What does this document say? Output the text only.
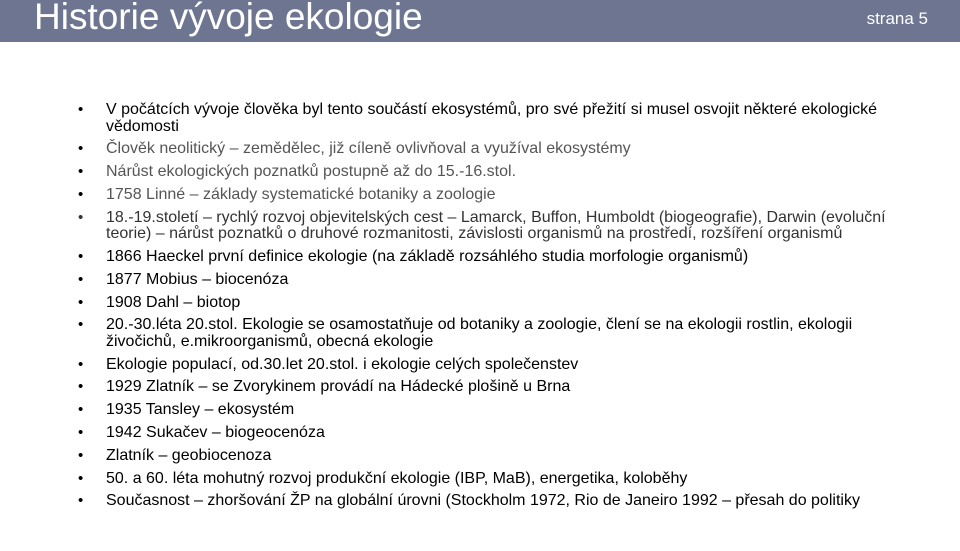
Historie vývoje ekologie	strana 5
• V počátcích vývoje člověka byl tento součástí ekosystémů, pro své přežití si musel osvojit některé ekologické vědomosti
• Člověk neolitický – zemědělec, již cíleně ovlivňoval a využíval ekosystémy
• Nárůst ekologických poznatků postupně až do 15.-16.stol.
• 1758 Linné – základy systematické botaniky a zoologie
• 18.-19.století – rychlý rozvoj objevitelských cest – Lamarck, Buffon, Humboldt (biogeografie), Darwin (evoluční teorie) – nárůst poznatků o druhové rozmanitosti, závislosti organismů na prostředí, rozšíření organismů
• 1866 Haeckel první definice ekologie (na základě rozsáhlého studia morfologie organismů)
• 1877 Mobius – biocenóza
• 1908 Dahl – biotop
• 20.-30.léta 20.stol. Ekologie se osamostatňuje od botaniky a zoologie, člení se na ekologii rostlin, ekologii živočichů, e.mikroorganismů, obecná ekologie
• Ekologie populací, od.30.let 20.stol. i ekologie celých společenstev
• 1929 Zlatník – se Zvorykinem provádí na Hádecké plošině u Brna
• 1935 Tansley – ekosystém
• 1942 Sukačev – biogeocenóza
• Zlatník – geobiocenoza
• 50. a 60. léta mohutný rozvoj produkční ekologie (IBP, MaB), energetika, koloběhy
• Současnost – zhoršování ŽP na globální úrovni (Stockholm 1972, Rio de Janeiro 1992 – přesah do politiky
